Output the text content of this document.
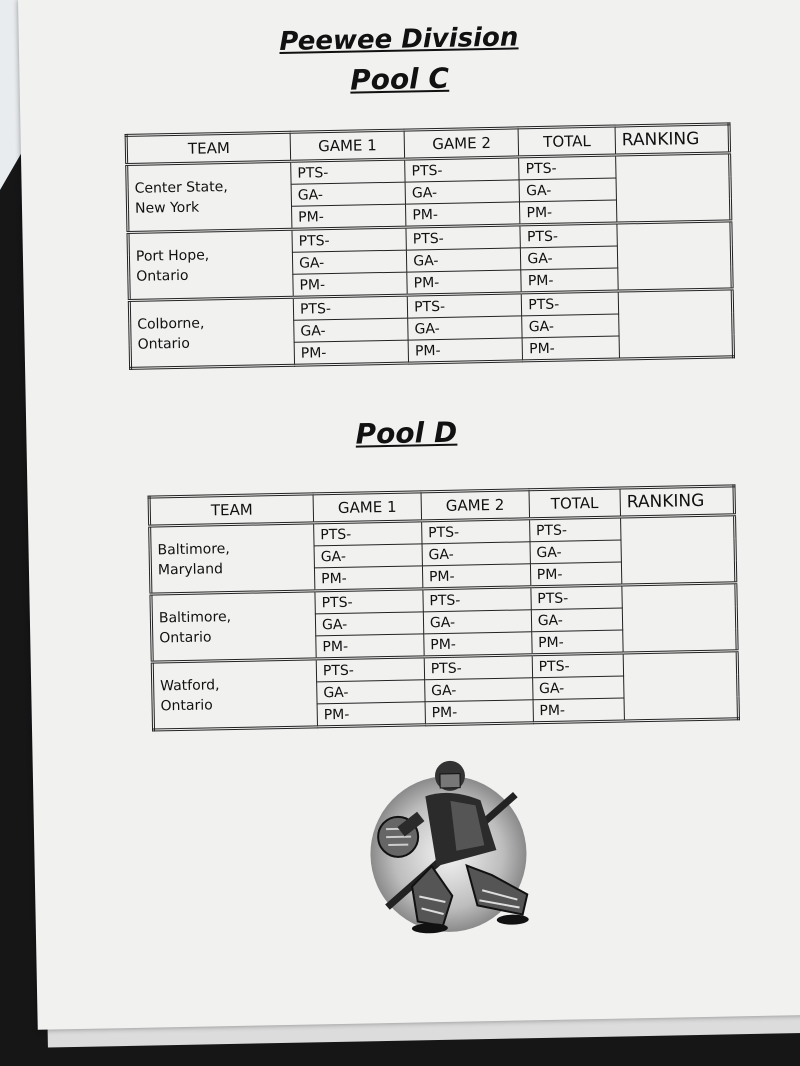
Peewee Division
Pool C
TEAM	GAME 1	GAME 2	TOTAL	RANKING

Center State,
New York	PTS-	PTS-	PTS-	
	GA-	GA-	GA-	
	PM-	PM-	PM-	

Port Hope,
Ontario	PTS-	PTS-	PTS-	
	GA-	GA-	GA-	
	PM-	PM-	PM-	

Colborne,
Ontario	PTS-	PTS-	PTS-	
	GA-	GA-	GA-	
	PM-	PM-	PM-	
Pool D
TEAM	GAME 1	GAME 2	TOTAL	RANKING

Baltimore,
Maryland	PTS-	PTS-	PTS-	
	GA-	GA-	GA-	
	PM-	PM-	PM-	

Baltimore,
Ontario	PTS-	PTS-	PTS-	
	GA-	GA-	GA-	
	PM-	PM-	PM-	

Watford,
Ontario	PTS-	PTS-	PTS-	
	GA-	GA-	GA-	
	PM-	PM-	PM-	
